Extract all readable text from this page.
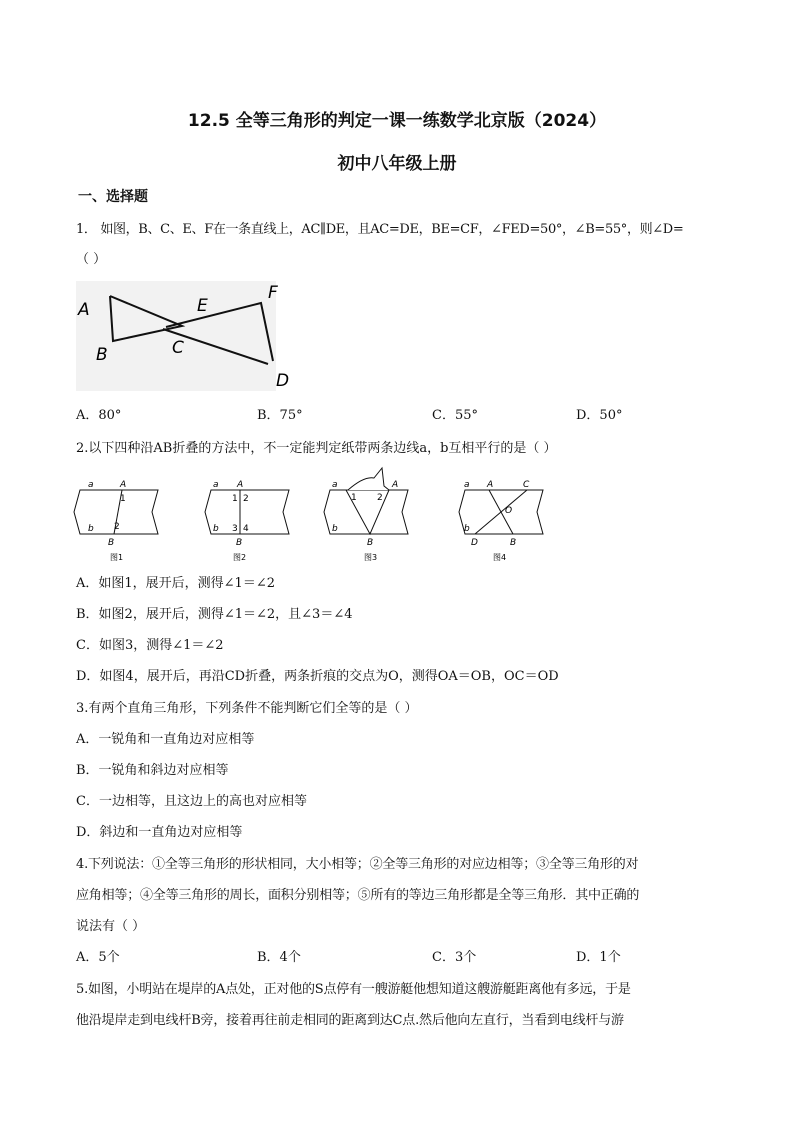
12.5 全等三角形的判定一课一练数学北京版（2024）
初中八年级上册
一、选择题
1． 如图，B、C、E、F在一条直线上，AC∥DE，且AC=DE，BE=CF，∠FED=50°，∠B=55°，则∠D=
（ ）
A
B	C
E
F
D
A．80°	B．75°	C．55°	D．50°
2.以下四种沿AB折叠的方法中，不一定能判定纸带两条边线a，b互相平行的是（ ）
a	A
1
2
b
B
图1
a A
1 2
3 4
b
B
图2
a
1 2
A
b
B
图3
a A	C
O
b
D	B
图4
A．如图1，展开后，测得∠1＝∠2
B．如图2，展开后，测得∠1＝∠2，且∠3＝∠4
C．如图3，测得∠1＝∠2
D．如图4，展开后，再沿CD折叠，两条折痕的交点为O，测得OA＝OB，OC＝OD
3.有两个直角三角形，下列条件不能判断它们全等的是（ ）
A．一锐角和一直角边对应相等
B．一锐角和斜边对应相等
C．一边相等，且这边上的高也对应相等
D．斜边和一直角边对应相等
4.下列说法：①全等三角形的形状相同，大小相等；②全等三角形的对应边相等；③全等三角形的对
应角相等；④全等三角形的周长，面积分别相等；⑤所有的等边三角形都是全等三角形．其中正确的
说法有（ ）
A．5个	B．4个	C．3个	D．1个
5.如图，小明站在堤岸的A点处，正对他的S点停有一艘游艇他想知道这艘游艇距离他有多远，于是
他沿堤岸走到电线杆B旁，接着再往前走相同的距离到达C点.然后他向左直行，当看到电线杆与游
